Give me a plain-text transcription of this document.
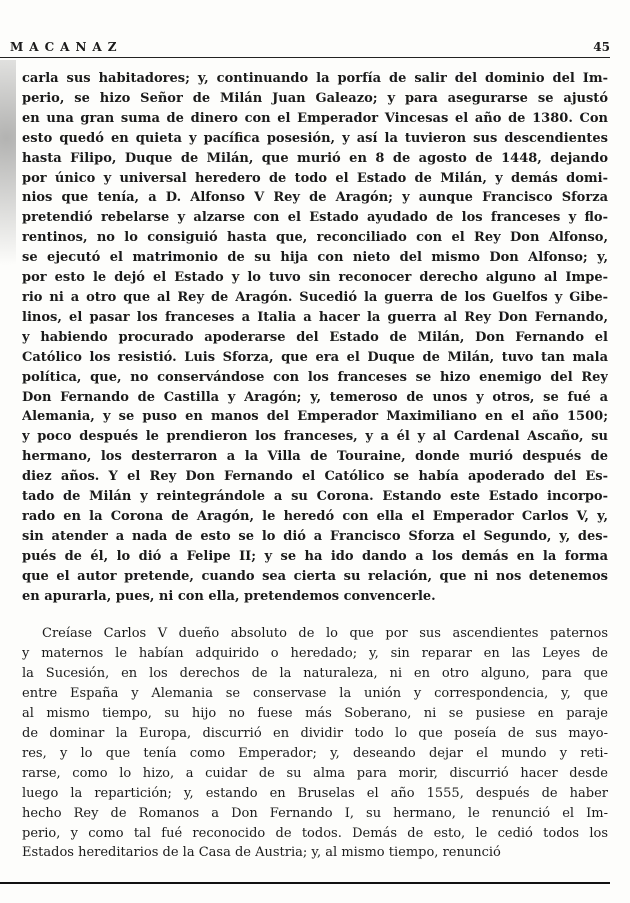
MACANAZ	45
carla sus habitadores; y, continuando la porfía de salir del dominio del Im-
perio, se hizo Señor de Milán Juan Galeazo; y para asegurarse se ajustó
en una gran suma de dinero con el Emperador Vincesas el año de 1380. Con
esto quedó en quieta y pacífica posesión, y así la tuvieron sus descendientes
hasta Filipo, Duque de Milán, que murió en 8 de agosto de 1448, dejando
por único y universal heredero de todo el Estado de Milán, y demás domi-
nios que tenía, a D. Alfonso V Rey de Aragón; y aunque Francisco Sforza
pretendió rebelarse y alzarse con el Estado ayudado de los franceses y flo-
rentinos, no lo consiguió hasta que, reconciliado con el Rey Don Alfonso,
se ejecutó el matrimonio de su hija con nieto del mismo Don Alfonso; y,
por esto le dejó el Estado y lo tuvo sin reconocer derecho alguno al Impe-
rio ni a otro que al Rey de Aragón. Sucedió la guerra de los Guelfos y Gibe-
linos, el pasar los franceses a Italia a hacer la guerra al Rey Don Fernando,
y habiendo procurado apoderarse del Estado de Milán, Don Fernando el
Católico los resistió. Luis Sforza, que era el Duque de Milán, tuvo tan mala
política, que, no conservándose con los franceses se hizo enemigo del Rey
Don Fernando de Castilla y Aragón; y, temeroso de unos y otros, se fué a
Alemania, y se puso en manos del Emperador Maximiliano en el año 1500;
y poco después le prendieron los franceses, y a él y al Cardenal Ascaño, su
hermano, los desterraron a la Villa de Touraine, donde murió después de
diez años. Y el Rey Don Fernando el Católico se había apoderado del Es-
tado de Milán y reintegrándole a su Corona. Estando este Estado incorpo-
rado en la Corona de Aragón, le heredó con ella el Emperador Carlos V, y,
sin atender a nada de esto se lo dió a Francisco Sforza el Segundo, y, des-
pués de él, lo dió a Felipe II; y se ha ido dando a los demás en la forma
que el autor pretende, cuando sea cierta su relación, que ni nos detenemos
en apurarla, pues, ni con ella, pretendemos convencerle.
Creíase Carlos V dueño absoluto de lo que por sus ascendientes paternos
y maternos le habían adquirido o heredado; y, sin reparar en las Leyes de
la Sucesión, en los derechos de la naturaleza, ni en otro alguno, para que
entre España y Alemania se conservase la unión y correspondencia, y, que
al mismo tiempo, su hijo no fuese más Soberano, ni se pusiese en paraje
de dominar la Europa, discurrió en dividir todo lo que poseía de sus mayo-
res, y lo que tenía como Emperador; y, deseando dejar el mundo y reti-
rarse, como lo hizo, a cuidar de su alma para morir, discurrió hacer desde
luego la repartición; y, estando en Bruselas el año 1555, después de haber
hecho Rey de Romanos a Don Fernando I, su hermano, le renunció el Im-
perio, y como tal fué reconocido de todos. Demás de esto, le cedió todos los
Estados hereditarios de la Casa de Austria; y, al mismo tiempo, renunció
